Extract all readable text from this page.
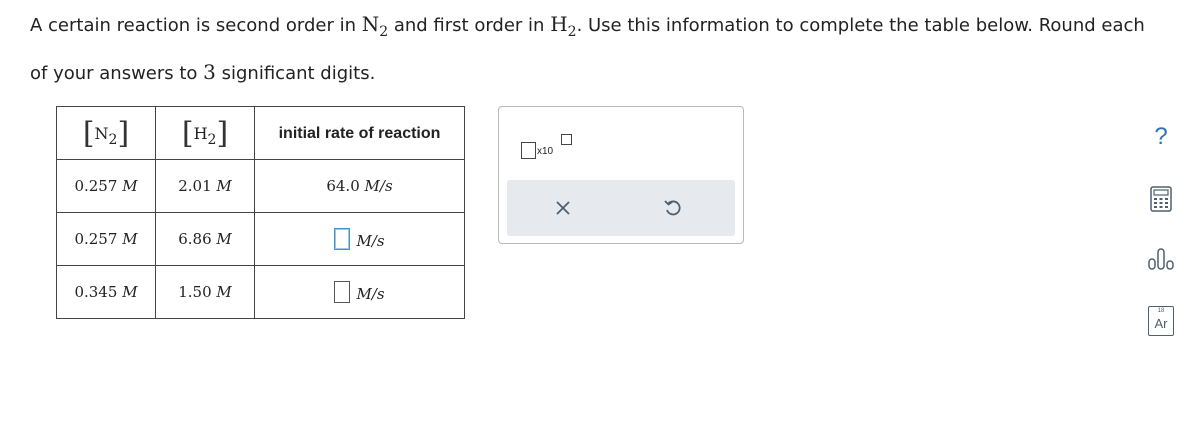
A certain reaction is second order in $N_2$ and first order in $H_2$. Use this information to complete the table below. Round each
of your answers to 3 significant digits.
[N2]	[H2]	initial rate of reaction
0.257 M	2.01 M	64.0 M/s
0.257 M	6.86 M	M/s
0.345 M	1.50 M	M/s
x10
?
18
Ar
